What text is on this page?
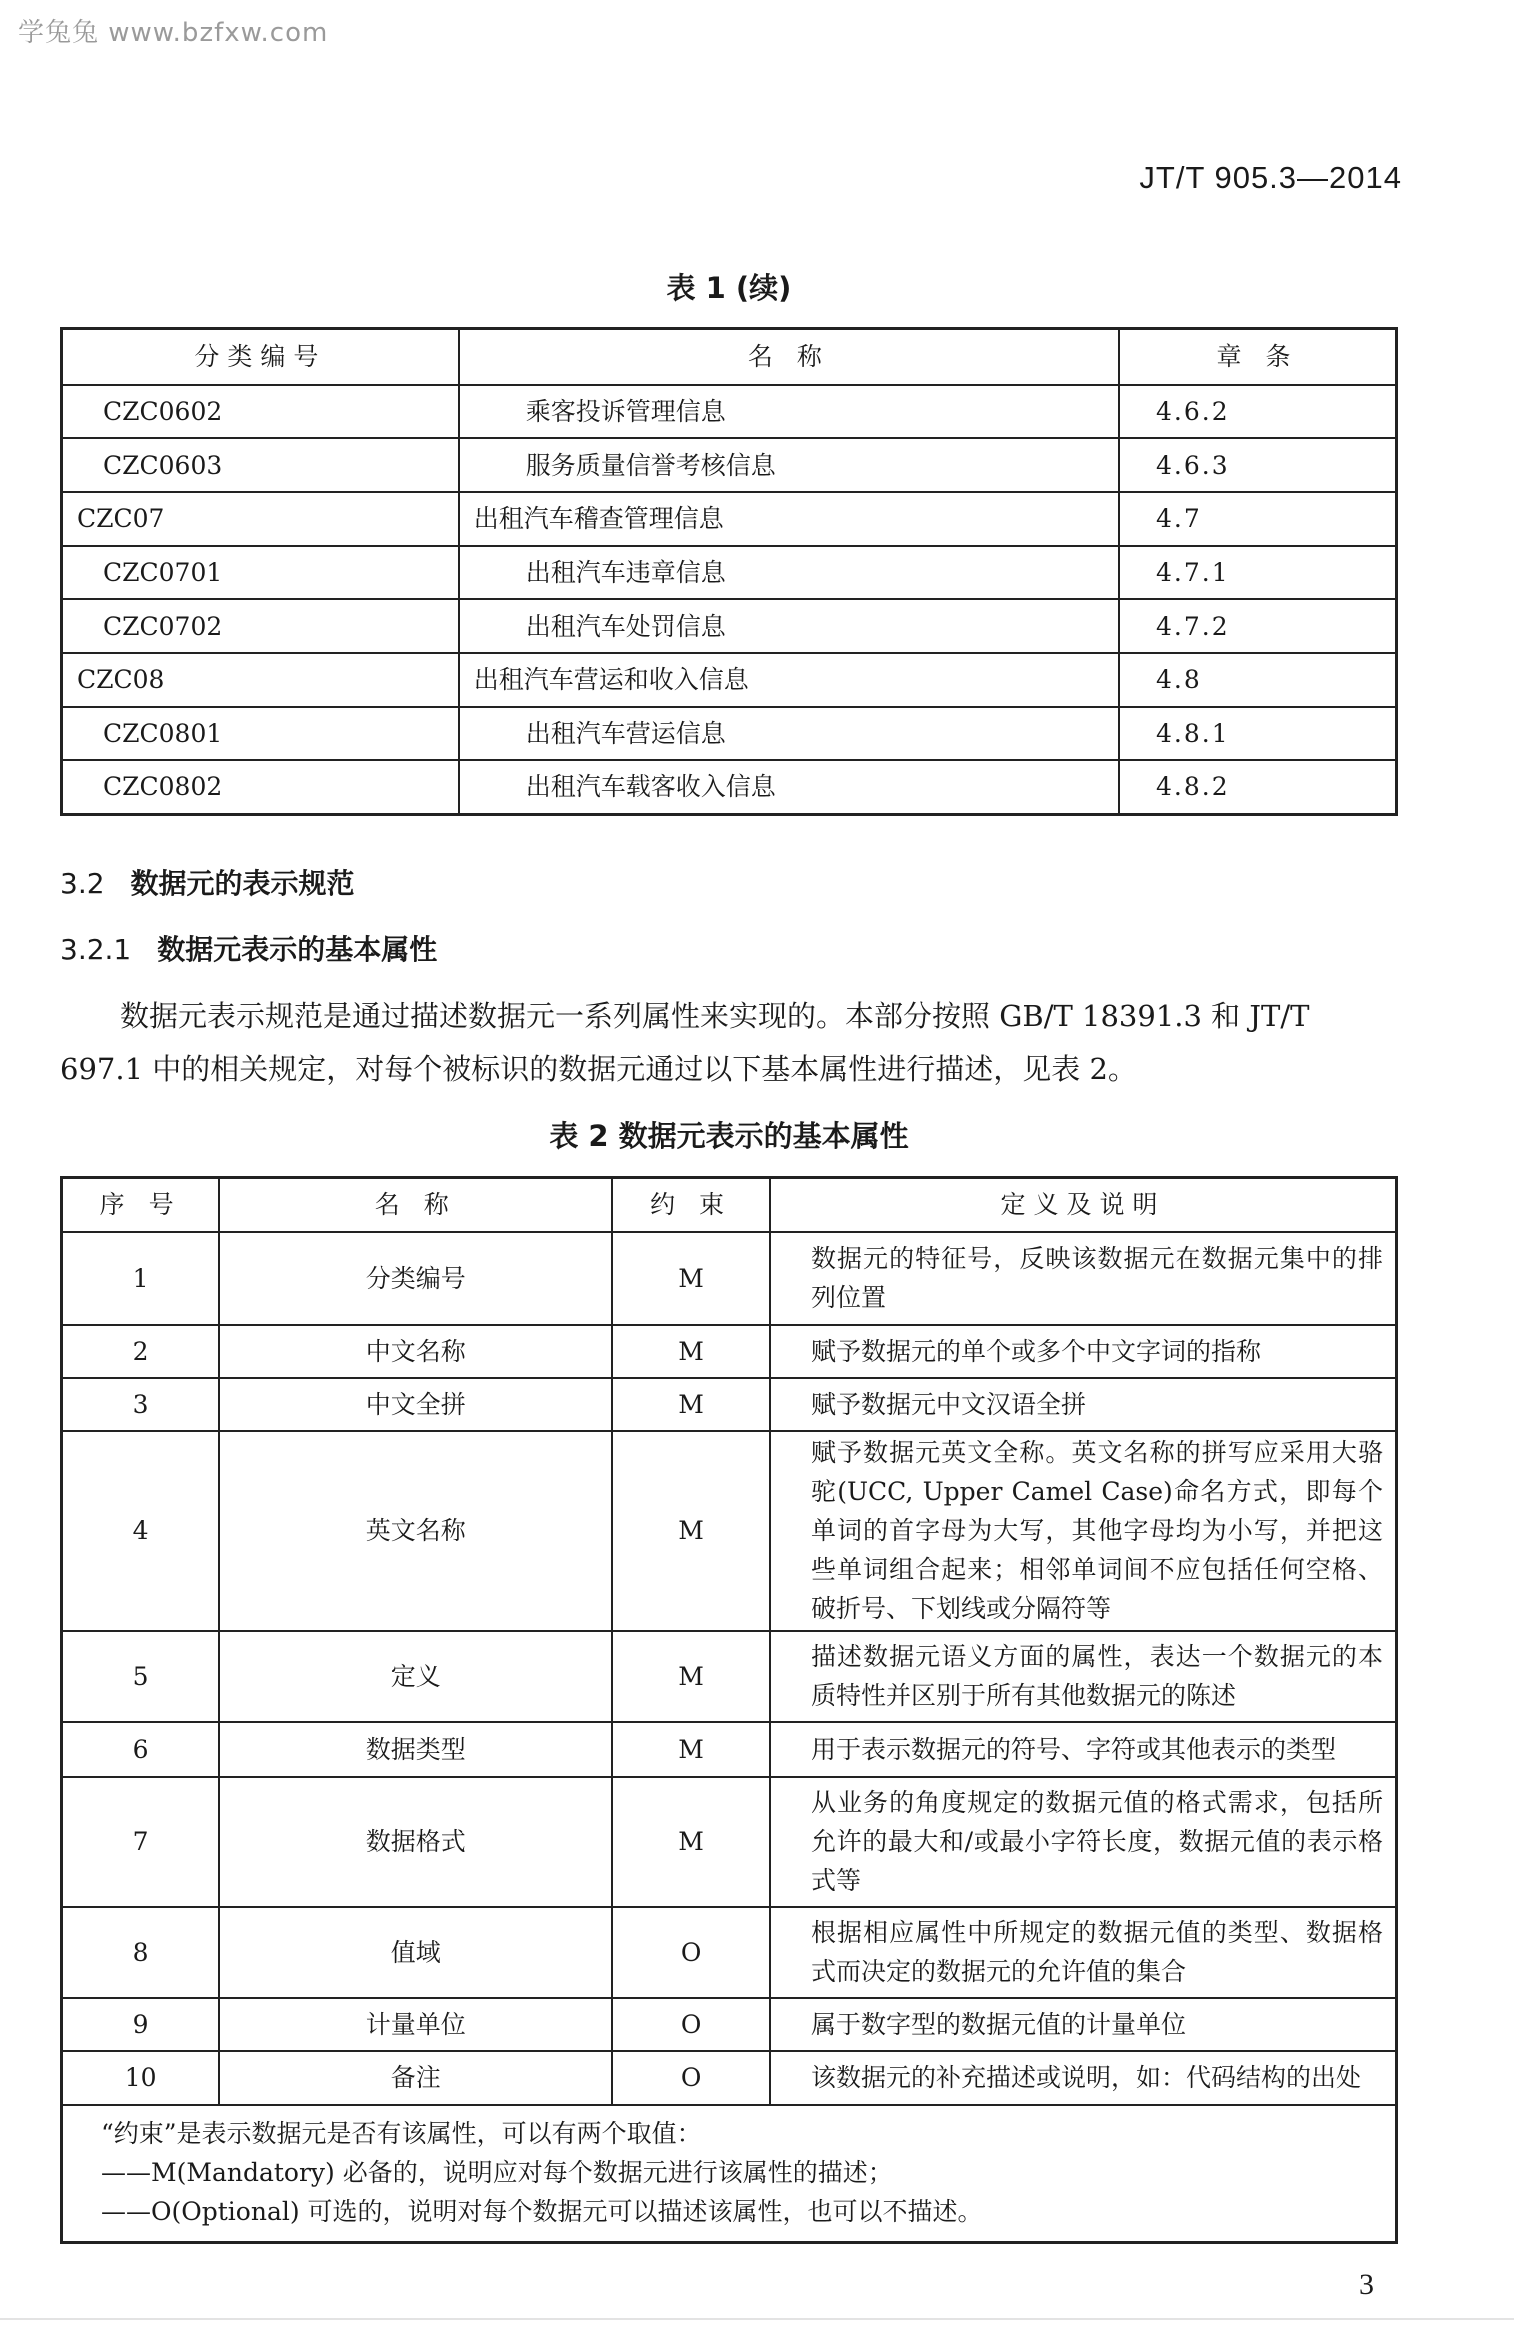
学兔兔 www.bzfxw.com
JT/T 905.3—2014
表 1 (续)
分类编号	名 称	章 条
CZC0602	乘客投诉管理信息	4.6.2
CZC0603	服务质量信誉考核信息	4.6.3
CZC07	出租汽车稽查管理信息	4.7
CZC0701	出租汽车违章信息	4.7.1
CZC0702	出租汽车处罚信息	4.7.2
CZC08	出租汽车营运和收入信息	4.8
CZC0801	出租汽车营运信息	4.8.1
CZC0802	出租汽车载客收入信息	4.8.2
3.2 数据元的表示规范
3.2.1 数据元表示的基本属性
数据元表示规范是通过描述数据元一系列属性来实现的。本部分按照 GB/T 18391.3 和 JT/T 697.1 中的相关规定，对每个被标识的数据元通过以下基本属性进行描述，见表 2。
表 2 数据元表示的基本属性
序 号	名 称	约 束	定义及说明
1	分类编号	M	数据元的特征号，反映该数据元在数据元集中的排列位置
2	中文名称	M	赋予数据元的单个或多个中文字词的指称
3	中文全拼	M	赋予数据元中文汉语全拼
4	英文名称	M	赋予数据元英文全称。英文名称的拼写应采用大骆驼(UCC, Upper Camel Case)命名方式，即每个单词的首字母为大写，其他字母均为小写，并把这些单词组合起来；相邻单词间不应包括任何空格、破折号、下划线或分隔符等
5	定义	M	描述数据元语义方面的属性，表达一个数据元的本质特性并区别于所有其他数据元的陈述
6	数据类型	M	用于表示数据元的符号、字符或其他表示的类型
7	数据格式	M	从业务的角度规定的数据元值的格式需求，包括所允许的最大和/或最小字符长度，数据元值的表示格式等
8	值域	O	根据相应属性中所规定的数据元值的类型、数据格式而决定的数据元的允许值的集合
9	计量单位	O	属于数字型的数据元值的计量单位
10	备注	O	该数据元的补充描述或说明，如：代码结构的出处

“约束”是表示数据元是否有该属性，可以有两个取值：
——M(Mandatory) 必备的，说明应对每个数据元进行该属性的描述；
——O(Optional) 可选的，说明对每个数据元可以描述该属性，也可以不描述。			
3
